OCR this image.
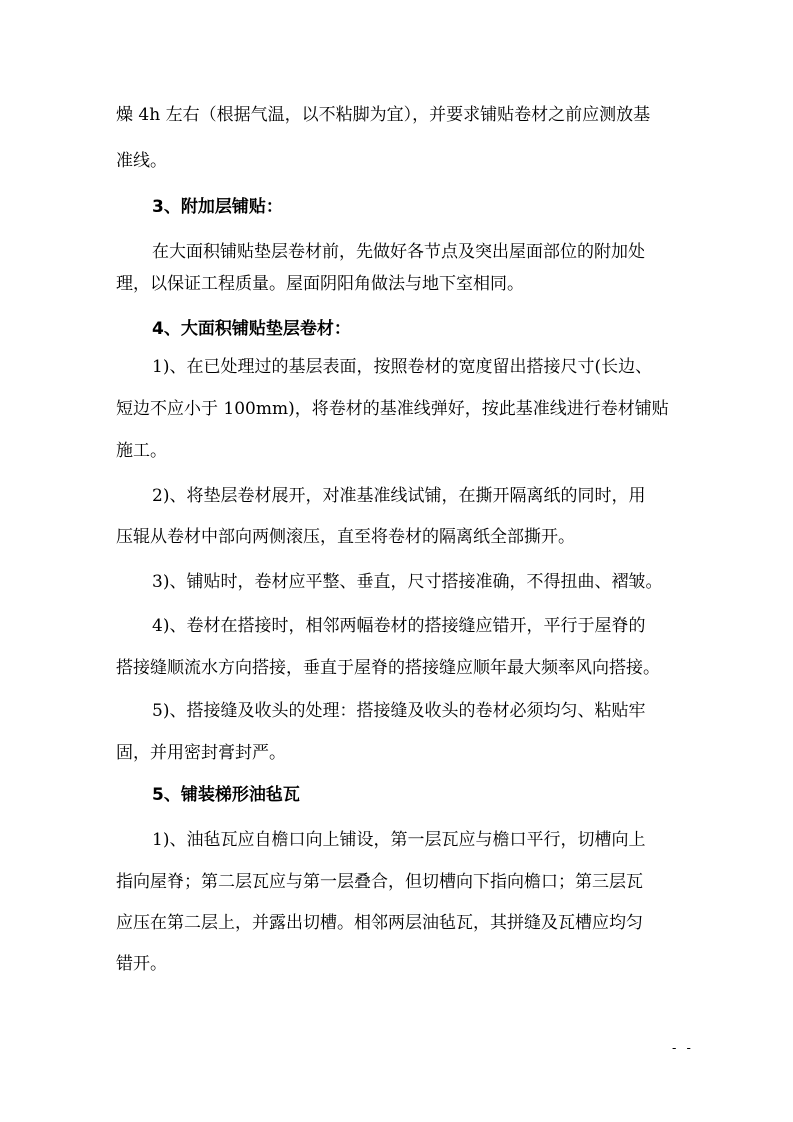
燥 4h 左右（根据气温，以不粘脚为宜），并要求铺贴卷材之前应测放基
准线。
3、附加层铺贴：
在大面积铺贴垫层卷材前，先做好各节点及突出屋面部位的附加处
理，以保证工程质量。屋面阴阳角做法与地下室相同。
4、大面积铺贴垫层卷材：
1)、在已处理过的基层表面，按照卷材的宽度留出搭接尺寸(长边、
短边不应小于 100mm)，将卷材的基准线弹好，按此基准线进行卷材铺贴
施工。
2)、将垫层卷材展开，对准基准线试铺，在撕开隔离纸的同时，用
压辊从卷材中部向两侧滚压，直至将卷材的隔离纸全部撕开。
3)、铺贴时，卷材应平整、垂直，尺寸搭接准确，不得扭曲、褶皱。
4)、卷材在搭接时，相邻两幅卷材的搭接缝应错开，平行于屋脊的
搭接缝顺流水方向搭接，垂直于屋脊的搭接缝应顺年最大频率风向搭接。
5)、搭接缝及收头的处理：搭接缝及收头的卷材必须均匀、粘贴牢
固，并用密封膏封严。
5、铺装梯形油毡瓦
1)、油毡瓦应自檐口向上铺设，第一层瓦应与檐口平行，切槽向上
指向屋脊；第二层瓦应与第一层叠合，但切槽向下指向檐口；第三层瓦
应压在第二层上，并露出切槽。相邻两层油毡瓦，其拼缝及瓦槽应均匀
错开。
- -
